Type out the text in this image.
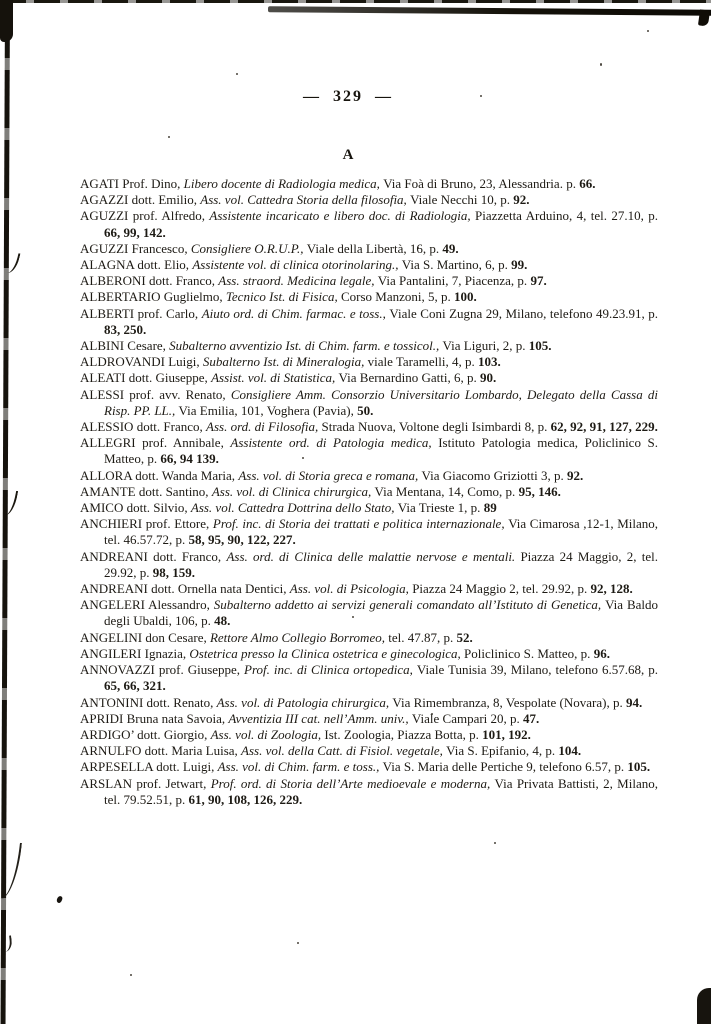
— 329 —
A

AGATI Prof. Dino, Libero docente di Radiologia medica, Via Foà di Bruno, 23, Alessandria. p. 66.

AGAZZI dott. Emilio, Ass. vol. Cattedra Storia della filosofia, Viale Necchi 10, p. 92.

AGUZZI prof. Alfredo, Assistente incaricato e libero doc. di Radiologia, Piazzetta Arduino, 4, tel. 27.10, p. 66, 99, 142.

AGUZZI Francesco, Consigliere O.R.U.P., Viale della Libertà, 16, p. 49.

ALAGNA dott. Elio, Assistente vol. di clinica otorinolaring., Via S. Martino, 6, p. 99.

ALBERONI dott. Franco, Ass. straord. Medicina legale, Via Pantalini, 7, Piacenza, p. 97.

ALBERTARIO Guglielmo, Tecnico Ist. di Fisica, Corso Manzoni, 5, p. 100.

ALBERTI prof. Carlo, Aiuto ord. di Chim. farmac. e toss., Viale Coni Zugna 29, Milano, telefono 49.23.91, p. 83, 250.

ALBINI Cesare, Subalterno avventizio Ist. di Chim. farm. e tossicol., Via Liguri, 2, p. 105.

ALDROVANDI Luigi, Subalterno Ist. di Mineralogia, viale Taramelli, 4, p. 103.

ALEATI dott. Giuseppe, Assist. vol. di Statistica, Via Bernardino Gatti, 6, p. 90.

ALESSI prof. avv. Renato, Consigliere Amm. Consorzio Universitario Lombardo, Delegato della Cassa di Risp. PP. LL., Via Emilia, 101, Voghera (Pavia), 50.

ALESSIO dott. Franco, Ass. ord. di Filosofia, Strada Nuova, Voltone degli Isimbardi 8, p. 62, 92, 91, 127, 229.

ALLEGRI prof. Annibale, Assistente ord. di Patologia medica, Istituto Patologia medica, Policlinico S. Matteo, p. 66, 94 139.

ALLORA dott. Wanda Maria, Ass. vol. di Storia greca e romana, Via Giacomo Griziotti 3, p. 92.

AMANTE dott. Santino, Ass. vol. di Clinica chirurgica, Via Mentana, 14, Como, p. 95, 146.

AMICO dott. Silvio, Ass. vol. Cattedra Dottrina dello Stato, Via Trieste 1, p. 89

ANCHIERI prof. Ettore, Prof. inc. di Storia dei trattati e politica internazionale, Via Cimarosa ,12-1, Milano, tel. 46.57.72, p. 58, 95, 90, 122, 227.

ANDREANI dott. Franco, Ass. ord. di Clinica delle malattie nervose e mentali. Piazza 24 Maggio, 2, tel. 29.92, p. 98, 159.

ANDREANI dott. Ornella nata Dentici, Ass. vol. di Psicologia, Piazza 24 Maggio 2, tel. 29.92, p. 92, 128.

ANGELERI Alessandro, Subalterno addetto ai servizi generali comandato all’Istituto di Genetica, Via Baldo degli Ubaldi, 106, p. 48.

ANGELINI don Cesare, Rettore Almo Collegio Borromeo, tel. 47.87, p. 52.

ANGILERI Ignazia, Ostetrica presso la Clinica ostetrica e ginecologica, Policlinico S. Matteo, p. 96.

ANNOVAZZI prof. Giuseppe, Prof. inc. di Clinica ortopedica, Viale Tunisia 39, Milano, telefono 6.57.68, p. 65, 66, 321.

ANTONINI dott. Renato, Ass. vol. di Patologia chirurgica, Via Rimembranza, 8, Vespolate (Novara), p. 94.

APRIDI Bruna nata Savoia, Avventizia III cat. nell’Amm. univ., Viale Campari 20, p. 47.

ARDIGO’ dott. Giorgio, Ass. vol. di Zoologia, Ist. Zoologia, Piazza Botta, p. 101, 192.

ARNULFO dott. Maria Luisa, Ass. vol. della Catt. di Fisiol. vegetale, Via S. Epifanio, 4, p. 104.

ARPESELLA dott. Luigi, Ass. vol. di Chim. farm. e toss., Via S. Maria delle Pertiche 9, telefono 6.57, p. 105.

ARSLAN prof. Jetwart, Prof. ord. di Storia dell’Arte medioevale e moderna, Via Privata Battisti, 2, Milano, tel. 79.52.51, p. 61, 90, 108, 126, 229.
